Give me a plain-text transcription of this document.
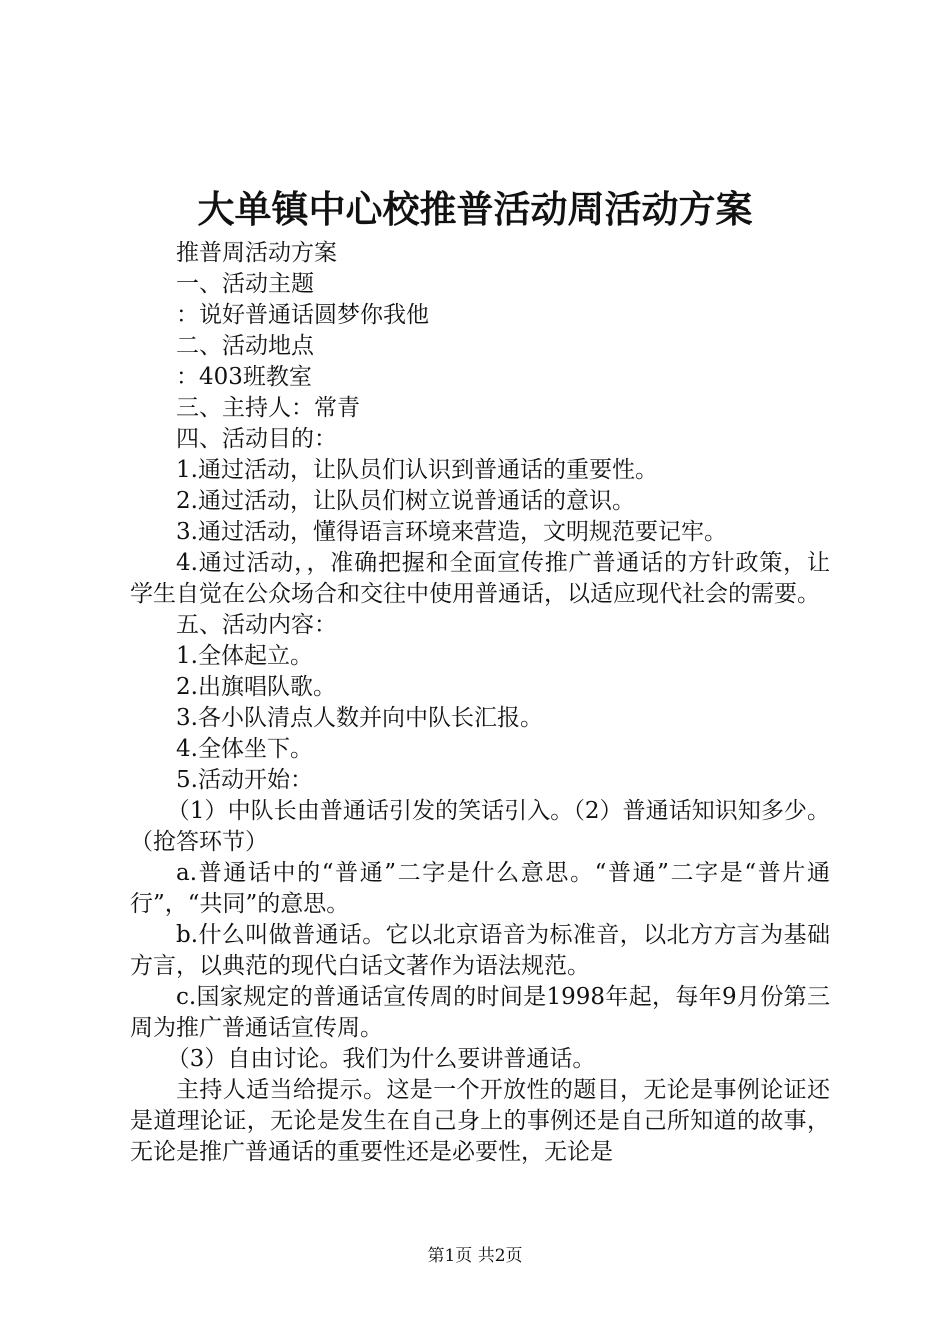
大单镇中心校推普活动周活动方案

推普周活动方案

一、活动主题

：说好普通话圆梦你我他

二、活动地点

：403班教室

三、主持人：常青

四、活动目的：

1.通过活动，让队员们认识到普通话的重要性。

2.通过活动，让队员们树立说普通话的意识。

3.通过活动，懂得语言环境来营造，文明规范要记牢。

4.通过活动，，准确把握和全面宣传推广普通话的方针政策，让学生自觉在公众场合和交往中使用普通话，以适应现代社会的需要。

五、活动内容：

1.全体起立。

2.出旗唱队歌。

3.各小队清点人数并向中队长汇报。

4.全体坐下。

5.活动开始：

（1）中队长由普通话引发的笑话引入。（2）普通话知识知多少。（抢答环节）

a.普通话中的“普通”二字是什么意思。“普通”二字是“普片通行”，“共同”的意思。

b.什么叫做普通话。它以北京语音为标准音，以北方方言为基础方言，以典范的现代白话文著作为语法规范。

c.国家规定的普通话宣传周的时间是1998年起，每年9月份第三周为推广普通话宣传周。

（3）自由讨论。我们为什么要讲普通话。

主持人适当给提示。这是一个开放性的题目，无论是事例论证还是道理论证，无论是发生在自己身上的事例还是自己所知道的故事，无论是推广普通话的重要性还是必要性，无论是

第1页 共2页
